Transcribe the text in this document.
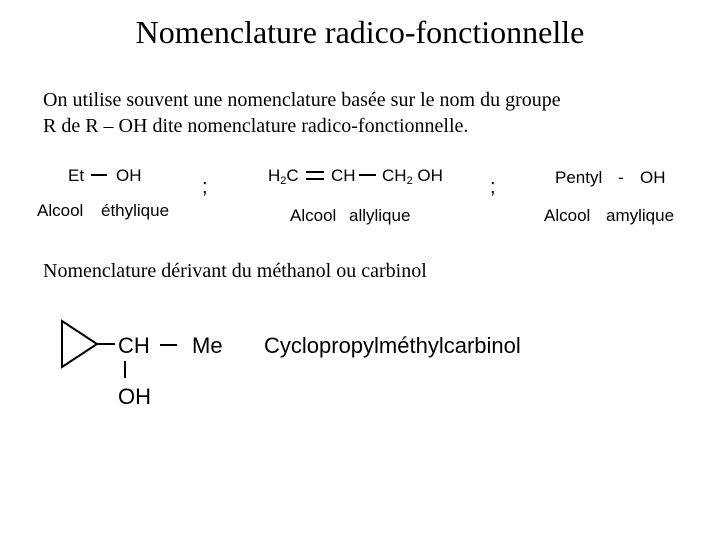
Nomenclature radico-fonctionnelle
On utilise souvent une nomenclature basée sur le nom du groupe
R de R – OH dite nomenclature radico-fonctionnelle.
Et OH
Alcool éthylique
;
$H_2C$ CH $CH_2$ OH
Alcool allylique
;	Pentyl - OH
Alcool amylique
Nomenclature dérivant du méthanol ou carbinol
CH Me
OH
Cyclopropylméthylcarbinol
